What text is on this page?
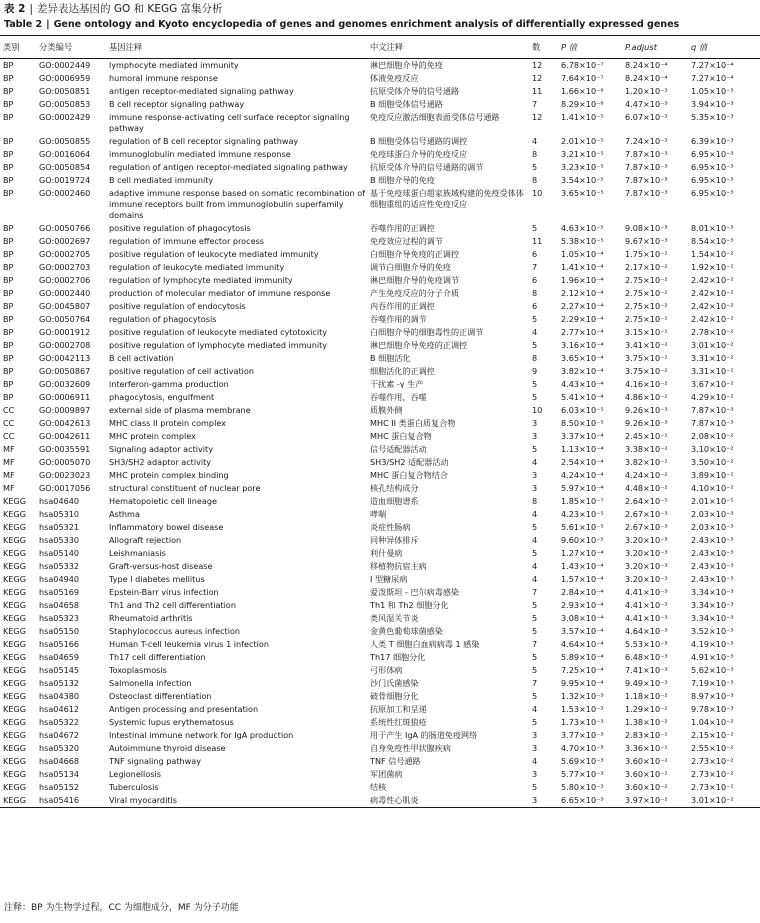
表 2 | 差异表达基因的 GO 和 KEGG 富集分析
Table 2 | Gene ontology and Kyoto encyclopedia of genes and genomes enrichment analysis of differentially expressed genes
类别	分类编号	基因注释	中文注释	数	P 值	P.adjust	q 值
BP	GO:0002449	lymphocyte mediated immunity	淋巴细胞介导的免疫	12	6.78×10⁻⁷	8.24×10⁻⁴	7.27×10⁻⁴
BP	GO:0006959	humoral immune response	体液免疫反应	12	7.64×10⁻⁷	8.24×10⁻⁴	7.27×10⁻⁴
BP	GO:0050851	antigen receptor-mediated signaling pathway	抗原受体介导的信号通路	11	1.66×10⁻⁶	1.20×10⁻³	1.05×10⁻³
BP	GO:0050853	B cell receptor signaling pathway	B 细胞受体信号通路	7	8.29×10⁻⁶	4.47×10⁻³	3.94×10⁻³
BP	GO:0002429	immune response-activating cell surface receptor signaling pathway	免疫反应激活细胞表面受体信号通路	12	1.41×10⁻⁵	6.07×10⁻³	5.35×10⁻³
BP	GO:0050855	regulation of B cell receptor signaling pathway	B 细胞受体信号通路的调控	4	2.01×10⁻⁵	7.24×10⁻³	6.39×10⁻³
BP	GO:0016064	immunoglobulin mediated immune response	免疫球蛋白介导的免疫反应	8	3.21×10⁻⁵	7.87×10⁻³	6.95×10⁻³
BP	GO:0050854	regulation of antigen receptor-mediated signaling pathway	抗原受体介导的信号通路的调节	5	3.23×10⁻⁵	7.87×10⁻³	6.95×10⁻³
BP	GO:0019724	B cell mediated immunity	B 细胞介导的免疫	8	3.54×10⁻⁵	7.87×10⁻³	6.95×10⁻³
BP	GO:0002460	adaptive immune response based on somatic recombination of immune receptors built from immunoglobulin superfamily domains	基于免疫球蛋白超家族域构建的免疫受体体细胞重组的适应性免疫反应	10	3.65×10⁻⁵	7.87×10⁻³	6.95×10⁻³
BP	GO:0050766	positive regulation of phagocytosis	吞噬作用的正调控	5	4.63×10⁻⁵	9.08×10⁻³	8.01×10⁻³
BP	GO:0002697	regulation of immune effector process	免疫效应过程的调节	11	5.38×10⁻⁵	9.67×10⁻³	8.54×10⁻³
BP	GO:0002705	positive regulation of leukocyte mediated immunity	白细胞介导免疫的正调控	6	1.05×10⁻⁴	1.75×10⁻²	1.54×10⁻²
BP	GO:0002703	regulation of leukocyte mediated immunity	调节白细胞介导的免疫	7	1.41×10⁻⁴	2.17×10⁻²	1.92×10⁻²
BP	GO:0002706	regulation of lymphocyte mediated immunity	淋巴细胞介导的免疫调节	6	1.96×10⁻⁴	2.75×10⁻²	2.42×10⁻²
BP	GO:0002440	production of molecular mediator of immune response	产生免疫反应的分子介质	8	2.12×10⁻⁴	2.75×10⁻²	2.42×10⁻²
BP	GO:0045807	positive regulation of endocytosis	内吞作用的正调控	6	2.27×10⁻⁴	2.75×10⁻²	2.42×10⁻²
BP	GO:0050764	regulation of phagocytosis	吞噬作用的调节	5	2.29×10⁻⁴	2.75×10⁻²	2.42×10⁻²
BP	GO:0001912	positive regulation of leukocyte mediated cytotoxicity	白细胞介导的细胞毒性的正调节	4	2.77×10⁻⁴	3.15×10⁻²	2.78×10⁻²
BP	GO:0002708	positive regulation of lymphocyte mediated immunity	淋巴细胞介导免疫的正调控	5	3.16×10⁻⁴	3.41×10⁻²	3.01×10⁻²
BP	GO:0042113	B cell activation	B 细胞活化	8	3.65×10⁻⁴	3.75×10⁻²	3.31×10⁻²
BP	GO:0050867	positive regulation of cell activation	细胞活化的正调控	9	3.82×10⁻⁴	3.75×10⁻²	3.31×10⁻²
BP	GO:0032609	interferon-gamma production	干扰素 -γ 生产	5	4.43×10⁻⁴	4.16×10⁻²	3.67×10⁻²
BP	GO:0006911	phagocytosis, engulfment	吞噬作用，吞噬	5	5.41×10⁻⁴	4.86×10⁻²	4.29×10⁻²
CC	GO:0009897	external side of plasma membrane	质膜外侧	10	6.03×10⁻⁵	9.26×10⁻³	7.87×10⁻³
CC	GO:0042613	MHC class II protein complex	MHC II 类蛋白质复合物	3	8.50×10⁻⁵	9.26×10⁻³	7.87×10⁻³
CC	GO:0042611	MHC protein complex	MHC 蛋白复合物	3	3.37×10⁻⁴	2.45×10⁻²	2.08×10⁻²
MF	GO:0035591	Signaling adaptor activity	信号适配器活动	5	1.13×10⁻⁴	3.38×10⁻²	3.10×10⁻²
MF	GO:0005070	SH3/SH2 adaptor activity	SH3/SH2 适配器活动	4	2.54×10⁻⁴	3.82×10⁻²	3.50×10⁻²
MF	GO:0023023	MHC protein complex binding	MHC 蛋白复合物结合	3	4.24×10⁻⁴	4.24×10⁻²	3.89×10⁻²
MF	GO:0017056	structural constituent of nuclear pore	核孔结构成分	3	5.97×10⁻⁴	4.48×10⁻²	4.10×10⁻²
KEGG	hsa04640	Hematopoietic cell lineage	造血细胞谱系	8	1.85×10⁻⁷	2.64×10⁻⁵	2.01×10⁻⁵
KEGG	hsa05310	Asthma	哮喘	4	4.23×10⁻⁵	2.67×10⁻³	2.03×10⁻³
KEGG	hsa05321	Inflammatory bowel disease	炎症性肠病	5	5.61×10⁻⁵	2.67×10⁻³	2.03×10⁻³
KEGG	hsa05330	Allograft rejection	同种异体排斥	4	9.60×10⁻⁵	3.20×10⁻³	2.43×10⁻³
KEGG	hsa05140	Leishmaniasis	利什曼病	5	1.27×10⁻⁴	3.20×10⁻³	2.43×10⁻³
KEGG	hsa05332	Graft-versus-host disease	移植物抗宿主病	4	1.43×10⁻⁴	3.20×10⁻³	2.43×10⁻³
KEGG	hsa04940	Type I diabetes mellitus	I 型糖尿病	4	1.57×10⁻⁴	3.20×10⁻³	2.43×10⁻³
KEGG	hsa05169	Epstein-Barr virus infection	爱泼斯坦 - 巴尔病毒感染	7	2.84×10⁻⁴	4.41×10⁻³	3.34×10⁻³
KEGG	hsa04658	Th1 and Th2 cell differentiation	Th1 和 Th2 细胞分化	5	2.93×10⁻⁴	4.41×10⁻³	3.34×10⁻³
KEGG	hsa05323	Rheumatoid arthritis	类风湿关节炎	5	3.08×10⁻⁴	4.41×10⁻³	3.34×10⁻³
KEGG	hsa05150	Staphylococcus aureus infection	金黄色葡萄球菌感染	5	3.57×10⁻⁴	4.64×10⁻³	3.52×10⁻³
KEGG	hsa05166	Human T-cell leukemia virus 1 infection	人类 T 细胞白血病病毒 1 感染	7	4.64×10⁻⁴	5.53×10⁻³	4.19×10⁻³
KEGG	hsa04659	Th17 cell differentiation	Th17 细胞分化	5	5.89×10⁻⁴	6.48×10⁻³	4.91×10⁻³
KEGG	hsa05145	Toxoplasmosis	弓形体病	5	7.25×10⁻⁴	7.41×10⁻³	5.62×10⁻³
KEGG	hsa05132	Salmonella infection	沙门氏菌感染	7	9.95×10⁻⁴	9.49×10⁻³	7.19×10⁻³
KEGG	hsa04380	Osteoclast differentiation	破骨细胞分化	5	1.32×10⁻³	1.18×10⁻²	8.97×10⁻³
KEGG	hsa04612	Antigen processing and presentation	抗原加工和呈递	4	1.53×10⁻³	1.29×10⁻²	9.78×10⁻³
KEGG	hsa05322	Systemic lupus erythematosus	系统性红斑狼疮	5	1.73×10⁻³	1.38×10⁻²	1.04×10⁻²
KEGG	hsa04672	Intestinal immune network for IgA production	用于产生 IgA 的肠道免疫网络	3	3.77×10⁻³	2.83×10⁻²	2.15×10⁻²
KEGG	hsa05320	Autoimmune thyroid disease	自身免疫性甲状腺疾病	3	4.70×10⁻³	3.36×10⁻²	2.55×10⁻²
KEGG	hsa04668	TNF signaling pathway	TNF 信号通路	4	5.69×10⁻³	3.60×10⁻²	2.73×10⁻²
KEGG	hsa05134	Legionellosis	军团菌病	3	5.77×10⁻³	3.60×10⁻²	2.73×10⁻²
KEGG	hsa05152	Tuberculosis	结核	5	5.80×10⁻³	3.60×10⁻²	2.73×10⁻²
KEGG	hsa05416	Viral myocarditis	病毒性心肌炎	3	6.65×10⁻³	3.97×10⁻²	3.01×10⁻²
注释：BP 为生物学过程，CC 为细胞成分，MF 为分子功能
